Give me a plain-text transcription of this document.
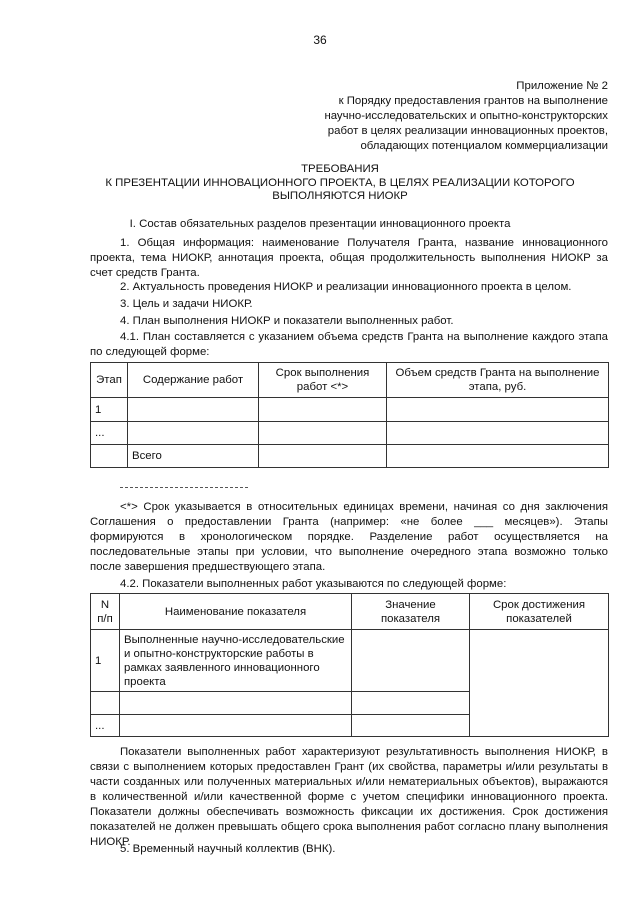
36
Приложение № 2
к Порядку предоставления грантов на выполнение
научно-исследовательских и опытно-конструкторских
работ в целях реализации инновационных проектов,
обладающих потенциалом коммерциализации
ТРЕБОВАНИЯ
К ПРЕЗЕНТАЦИИ ИННОВАЦИОННОГО ПРОЕКТА, В ЦЕЛЯХ РЕАЛИЗАЦИИ КОТОРОГО
ВЫПОЛНЯЮТСЯ НИОКР
I. Состав обязательных разделов презентации инновационного проекта
1. Общая информация: наименование Получателя Гранта, название инновационного проекта, тема НИОКР, аннотация проекта, общая продолжительность выполнения НИОКР за счет средств Гранта.
2. Актуальность проведения НИОКР и реализации инновационного проекта в целом.
3. Цель и задачи НИОКР.
4. План выполнения НИОКР и показатели выполненных работ.
4.1. План составляется с указанием объема средств Гранта на выполнение каждого этапа по следующей форме:
Этап	Содержание работ	Срок выполнения работ <*>	Объем средств Гранта на выполнение этапа, руб.
1			
...			
	Всего		
<*> Срок указывается в относительных единицах времени, начиная со дня заключения Соглашения о предоставлении Гранта (например: «не более ___ месяцев»). Этапы формируются в хронологическом порядке. Разделение работ осуществляется на последовательные этапы при условии, что выполнение очередного этапа возможно только после завершения предшествующего этапа.
4.2. Показатели выполненных работ указываются по следующей форме:
N п/п	Наименование показателя	Значение показателя	Срок достижения показателей
1	Выполненные научно-исследовательские и опытно-конструкторские работы в рамках заявленного инновационного проекта		

...			
Показатели выполненных работ характеризуют результативность выполнения НИОКР, в связи с выполнением которых предоставлен Грант (их свойства, параметры и/или результаты в части созданных или полученных материальных и/или нематериальных объектов), выражаются в количественной и/или качественной форме с учетом специфики инновационного проекта. Показатели должны обеспечивать возможность фиксации их достижения. Срок достижения показателей не должен превышать общего срока выполнения работ согласно плану выполнения НИОКР.
5. Временный научный коллектив (ВНК).
